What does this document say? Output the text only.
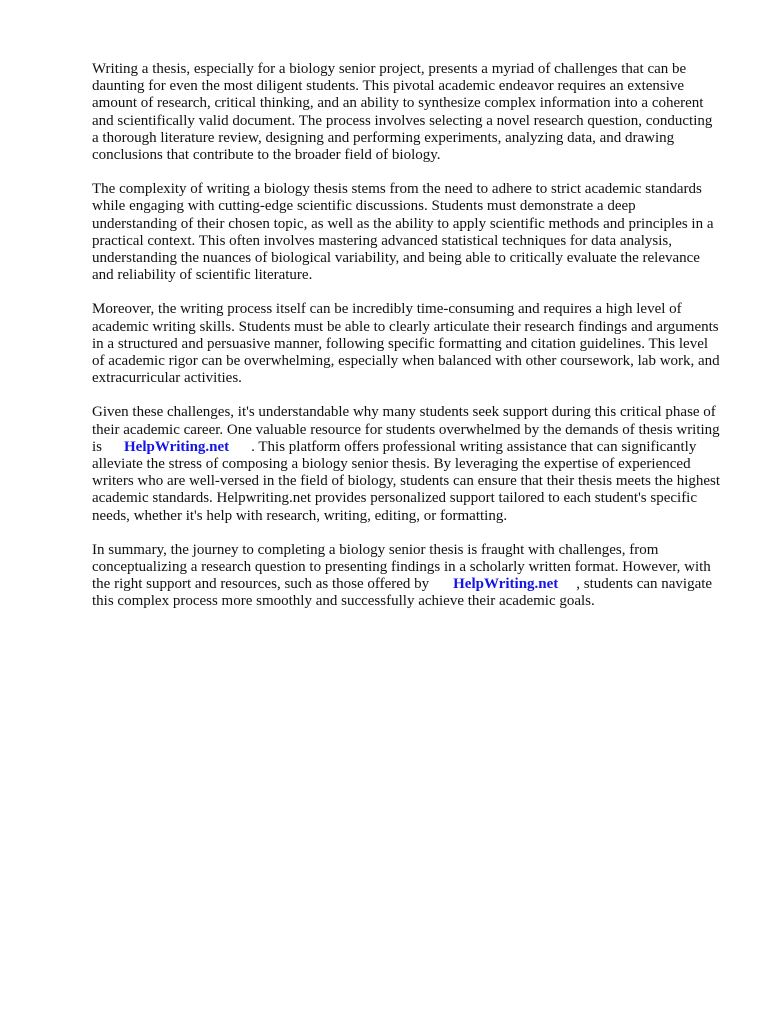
Writing a thesis, especially for a biology senior project, presents a myriad of challenges that can be daunting for even the most diligent students. This pivotal academic endeavor requires an extensive amount of research, critical thinking, and an ability to synthesize complex information into a coherent and scientifically valid document. The process involves selecting a novel research question, conducting a thorough literature review, designing and performing experiments, analyzing data, and drawing conclusions that contribute to the broader field of biology.

The complexity of writing a biology thesis stems from the need to adhere to strict academic standards while engaging with cutting-edge scientific discussions. Students must demonstrate a deep understanding of their chosen topic, as well as the ability to apply scientific methods and principles in a practical context. This often involves mastering advanced statistical techniques for data analysis, understanding the nuances of biological variability, and being able to critically evaluate the relevance and reliability of scientific literature.

Moreover, the writing process itself can be incredibly time-consuming and requires a high level of academic writing skills. Students must be able to clearly articulate their research findings and arguments in a structured and persuasive manner, following specific formatting and citation guidelines. This level of academic rigor can be overwhelming, especially when balanced with other coursework, lab work, and extracurricular activities.

Given these challenges, it's understandable why many students seek support during this critical phase of their academic career. One valuable resource for students overwhelmed by the demands of thesis writing is HelpWriting.net . This platform offers professional writing assistance that can significantly alleviate the stress of composing a biology senior thesis. By leveraging the expertise of experienced writers who are well-versed in the field of biology, students can ensure that their thesis meets the highest academic standards. Helpwriting.net provides personalized support tailored to each student's specific needs, whether it's help with research, writing, editing, or formatting.

In summary, the journey to completing a biology senior thesis is fraught with challenges, from conceptualizing a research question to presenting findings in a scholarly written format. However, with the right support and resources, such as those offered by HelpWriting.net , students can navigate this complex process more smoothly and successfully achieve their academic goals.
